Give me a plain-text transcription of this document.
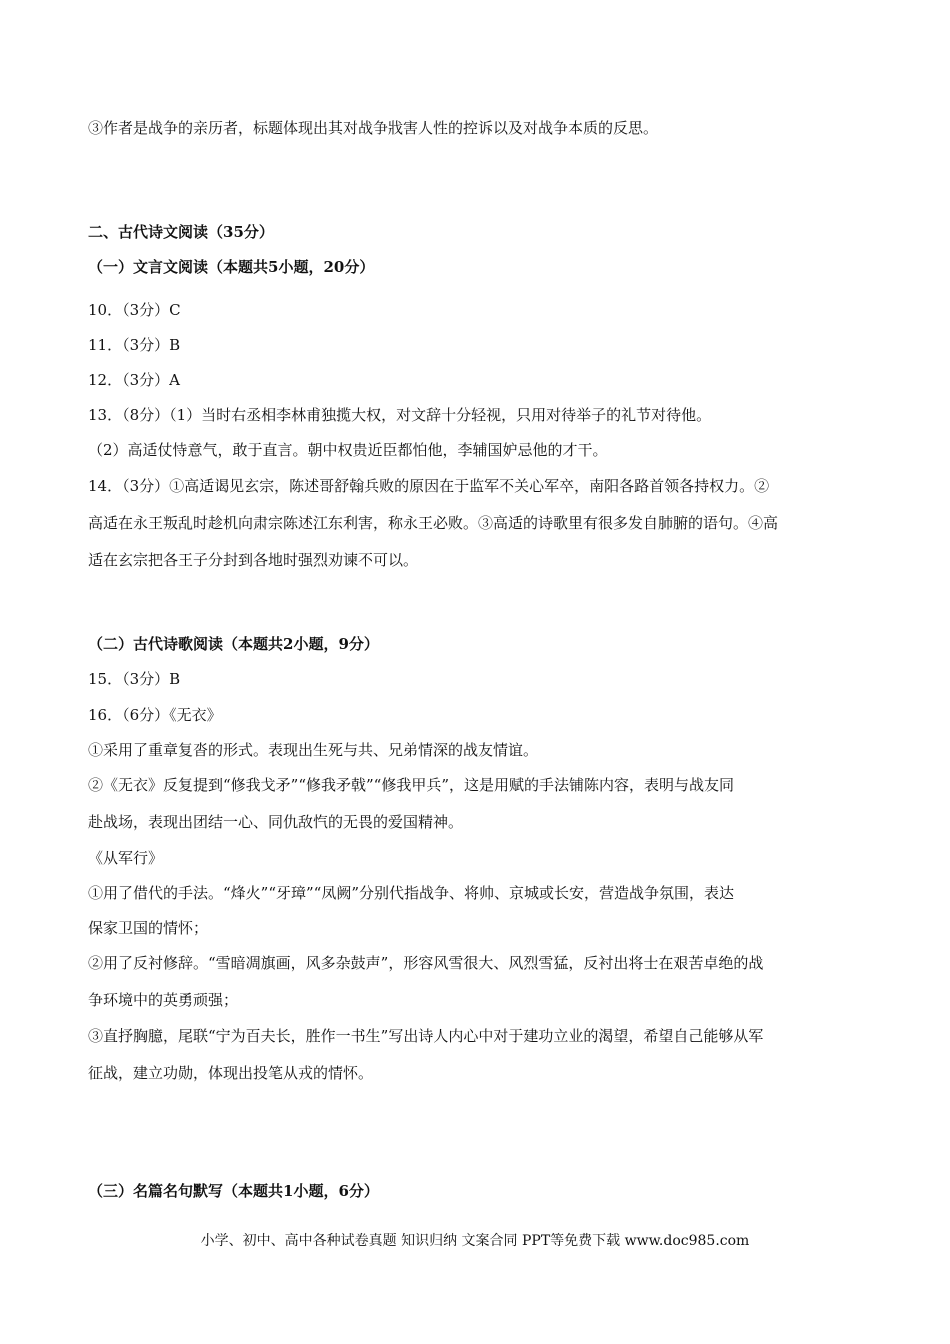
③作者是战争的亲历者，标题体现出其对战争戕害人性的控诉以及对战争本质的反思。
二、古代诗文阅读（35分）
（一）文言文阅读（本题共5小题，20分）
10．（3分）C
11．（3分）B
12．（3分）A
13．（8分）（1）当时右丞相李林甫独揽大权，对文辞十分轻视，只用对待举子的礼节对待他。
（2）高适仗恃意气，敢于直言。朝中权贵近臣都怕他，李辅国妒忌他的才干。
14．（3分）①高适谒见玄宗，陈述哥舒翰兵败的原因在于监军不关心军卒，南阳各路首领各持权力。②
高适在永王叛乱时趁机向肃宗陈述江东利害，称永王必败。③高适的诗歌里有很多发自肺腑的语句。④高
适在玄宗把各王子分封到各地时强烈劝谏不可以。
（二）古代诗歌阅读（本题共2小题，9分）
15．（3分）B
16．（6分）《无衣》
①采用了重章复沓的形式。表现出生死与共、兄弟情深的战友情谊。
②《无衣》反复提到“修我戈矛”“修我矛戟”“修我甲兵”，这是用赋的手法铺陈内容，表明与战友同
赴战场，表现出团结一心、同仇敌忾的无畏的爱国精神。
《从军行》
①用了借代的手法。“烽火”“牙璋”“凤阙”分别代指战争、将帅、京城或长安，营造战争氛围，表达
保家卫国的情怀；
②用了反衬修辞。“雪暗凋旗画，风多杂鼓声”，形容风雪很大、风烈雪猛，反衬出将士在艰苦卓绝的战
争环境中的英勇顽强；
③直抒胸臆，尾联“宁为百夫长，胜作一书生”写出诗人内心中对于建功立业的渴望，希望自己能够从军
征战，建立功勋，体现出投笔从戎的情怀。
（三）名篇名句默写（本题共1小题，6分）
小学、初中、高中各种试卷真题 知识归纳 文案合同 PPT等免费下载 www.doc985.com
